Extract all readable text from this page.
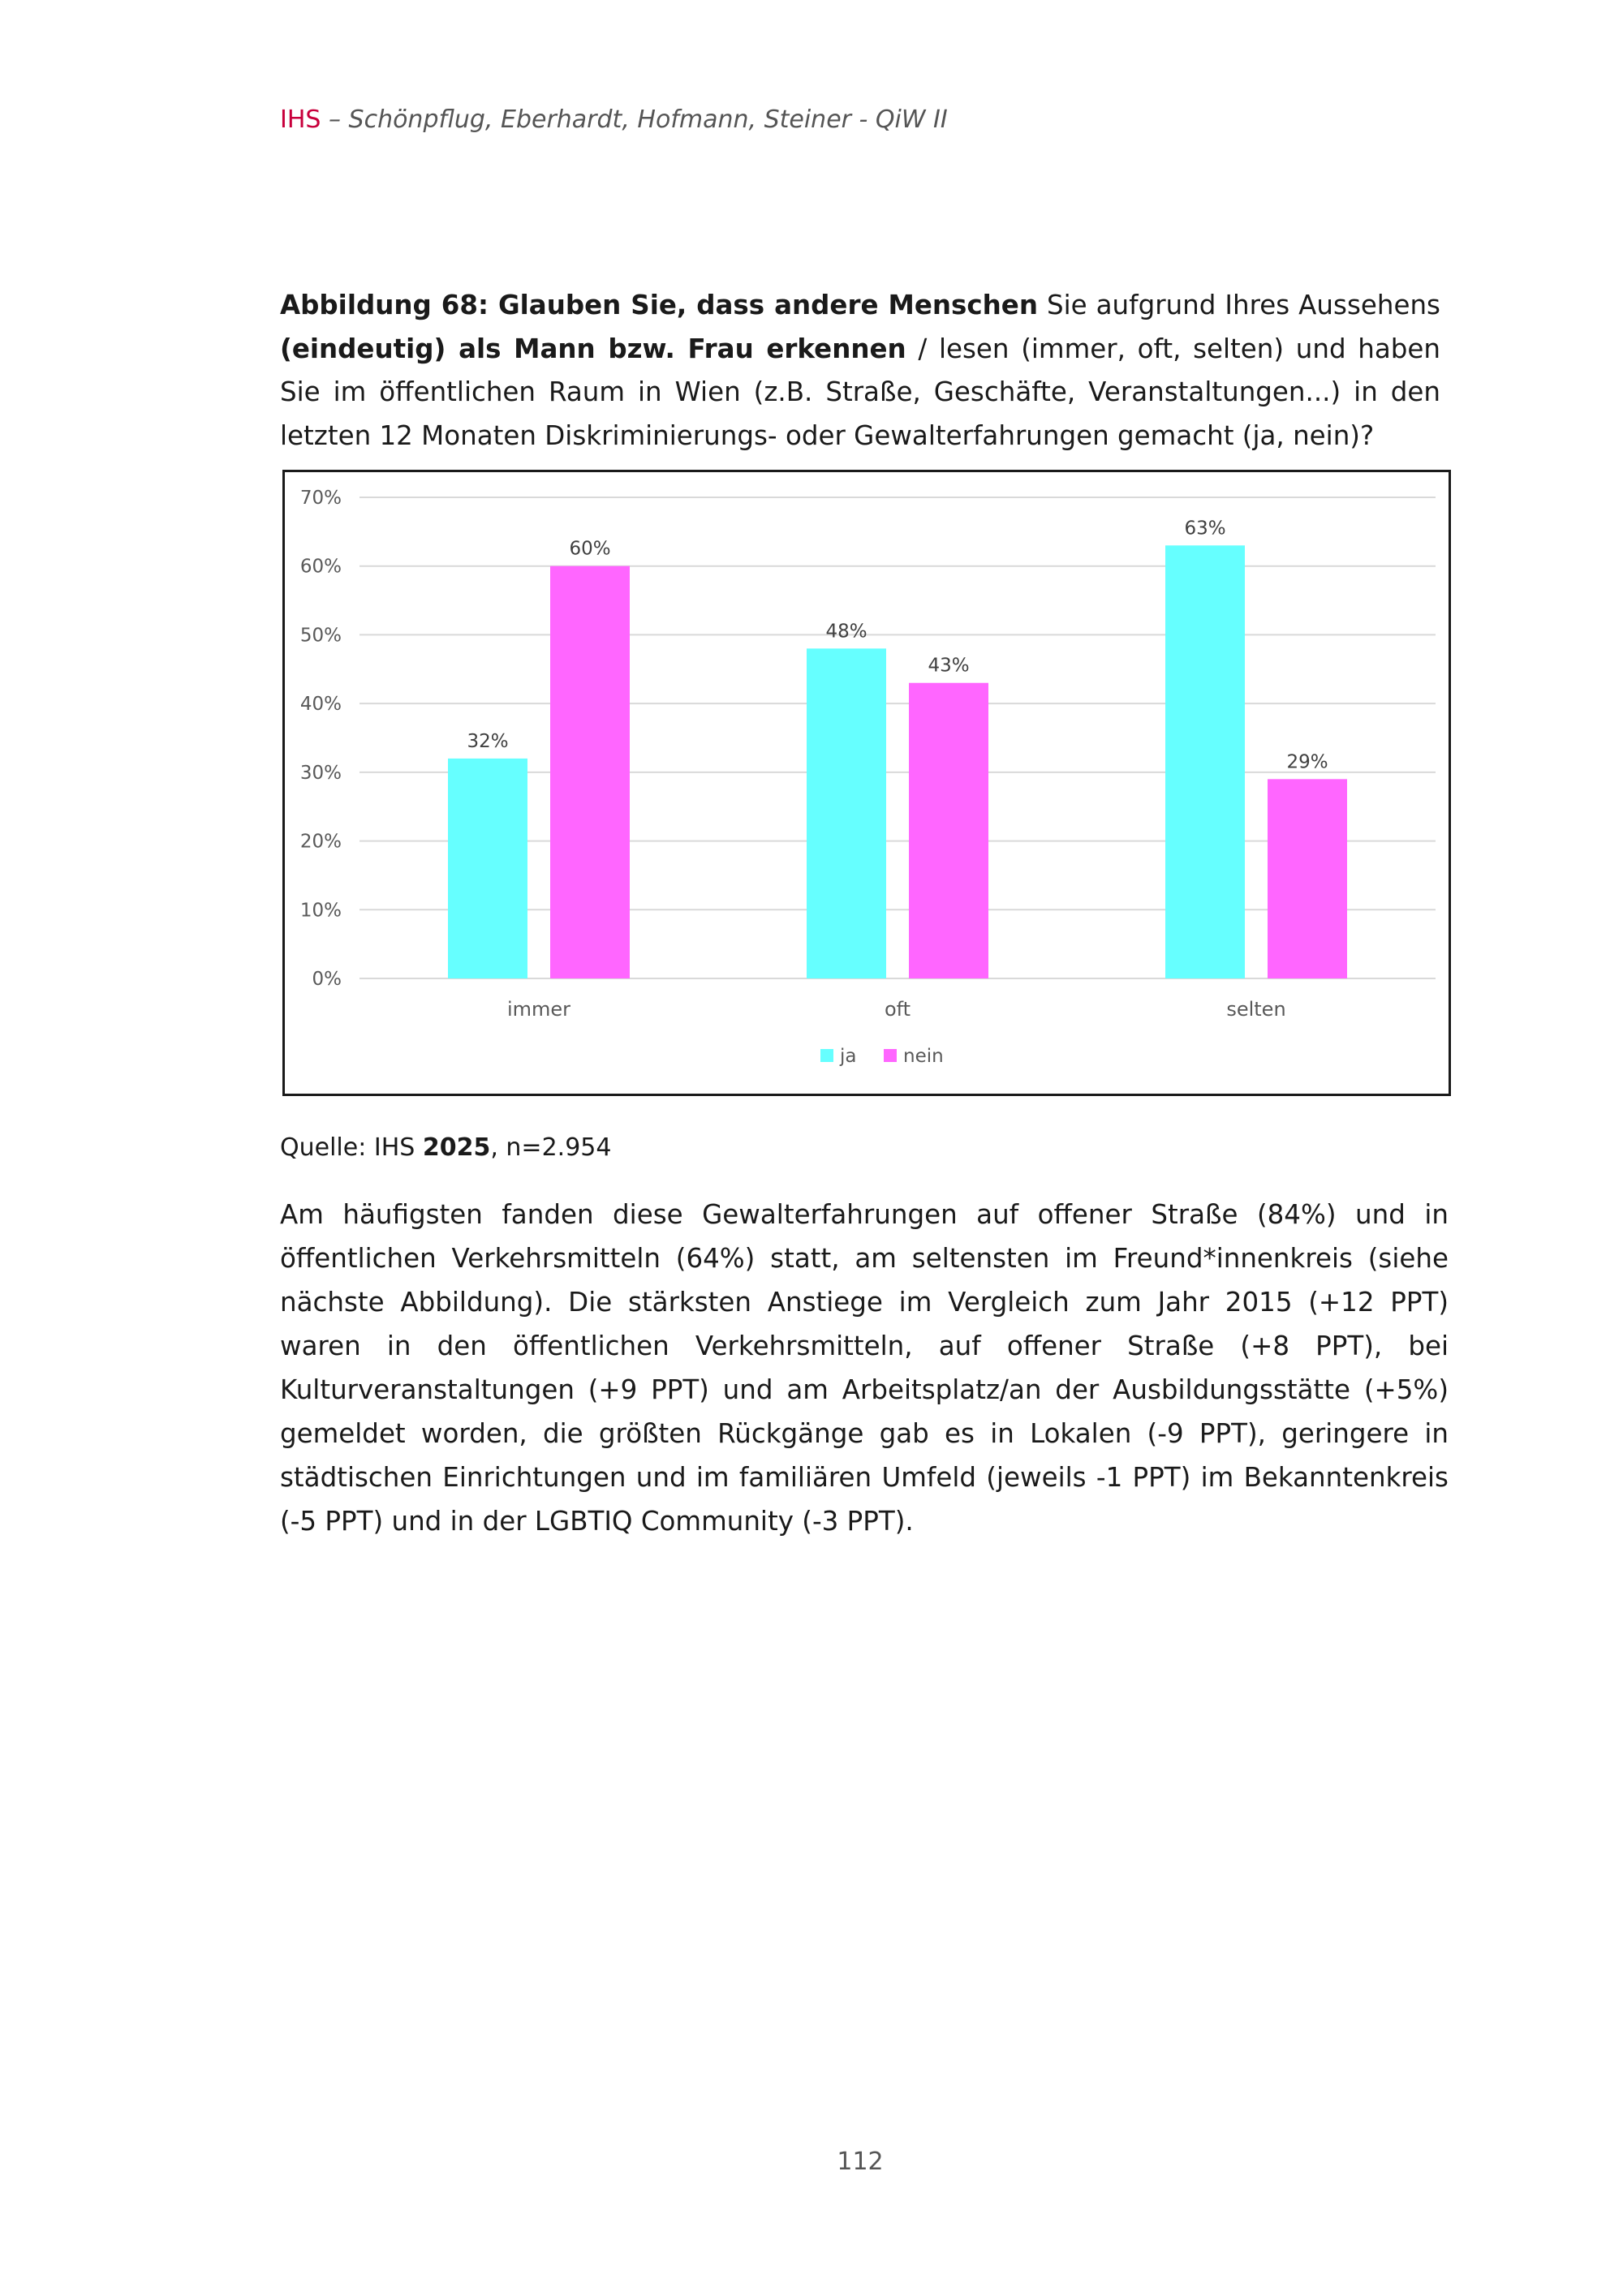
IHS – Schönpflug, Eberhardt, Hofmann, Steiner - QiW II
Abbildung 68: Glauben Sie, dass andere Menschen Sie aufgrund Ihres Aussehens (eindeutig) als Mann bzw. Frau erkennen / lesen (immer, oft, selten) und haben Sie im öffentlichen Raum in Wien (z.B. Straße, Geschäfte, Veranstaltungen...) in den letzten 12 Monaten Diskriminierungs- oder Gewalterfahrungen gemacht (ja, nein)?
0%
10%
20%
30%
40%
50%
60%
70%
32%
60%
immer
48%
43%
oft
63%
29%
selten
ja	nein
Quelle: IHS 2025, n=2.954
Am häufigsten fanden diese Gewalterfahrungen auf offener Straße (84%) und in öffentlichen Verkehrsmitteln (64%) statt, am seltensten im Freund*innenkreis (siehe nächste Abbildung). Die stärksten Anstiege im Vergleich zum Jahr 2015 (+12 PPT) waren in den öffentlichen Verkehrsmitteln, auf offener Straße (+8 PPT), bei Kulturveranstaltungen (+9 PPT) und am Arbeitsplatz/an der Ausbildungsstätte (+5%) gemeldet worden, die größten Rückgänge gab es in Lokalen (-9 PPT), geringere in städtischen Einrichtungen und im familiären Umfeld (jeweils -1 PPT) im Bekanntenkreis (-5 PPT) und in der LGBTIQ Community (-3 PPT).
112
